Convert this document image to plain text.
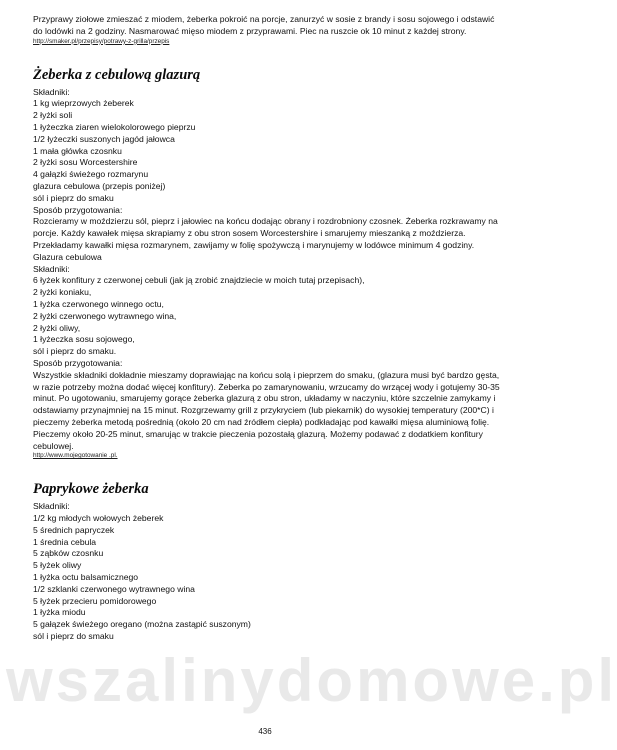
wszalinydomowe.pl

Przyprawy ziołowe zmieszać z miodem, żeberka pokroić na porcje, zanurzyć w sosie z brandy i sosu sojowego i odstawić do lodówki na 2 godziny. Nasmarować mięso miodem z przyprawami. Piec na ruszcie ok 10 minut z każdej strony.

http://smaker.pl/przepisy/potrawy-z-grilla/przepis

Żeberka z cebulową glazurą

Składniki:

1 kg wieprzowych żeberek
2 łyżki soli
1 łyżeczka ziaren wielokolorowego pieprzu
1/2 łyżeczki suszonych jagód jałowca
1 mała główka czosnku
2 łyżki sosu Worcestershire
4 gałązki świeżego rozmarynu
glazura cebulowa (przepis poniżej)
sól i pieprz do smaku

Sposób przygotowania:

Rozcieramy w moździerzu sól, pieprz i jałowiec na końcu dodając obrany i rozdrobniony czosnek. Żeberka rozkrawamy na porcje. Każdy kawałek mięsa skrapiamy z obu stron sosem Worcestershire i smarujemy mieszanką z moździerza. Przekładamy kawałki mięsa rozmarynem, zawijamy w folię spożywczą i marynujemy w lodówce minimum 4 godziny.

Glazura cebulowa

Składniki:

6 łyżek konfitury z czerwonej cebuli (jak ją zrobić znajdziecie w moich tutaj przepisach),
2 łyżki koniaku,
1 łyżka czerwonego winnego octu,
2 łyżki czerwonego wytrawnego wina,
2 łyżki oliwy,
1 łyżeczka sosu sojowego,
sól i pieprz do smaku.

Sposób przygotowania:

Wszystkie składniki dokładnie mieszamy doprawiając na końcu solą i pieprzem do smaku, (glazura musi być bardzo gęsta, w razie potrzeby można dodać więcej konfitury). Żeberka po zamarynowaniu, wrzucamy do wrzącej wody i gotujemy 30-35 minut. Po ugotowaniu, smarujemy gorące żeberka glazurą z obu stron, układamy w naczyniu, które szczelnie zamykamy i odstawiamy przynajmniej na 15 minut. Rozgrzewamy grill z przykryciem (lub piekarnik) do wysokiej temperatury (200*C) i pieczemy żeberka metodą pośrednią (około 20 cm nad źródłem ciepła) podkładając pod kawałki mięsa aluminiową folię. Pieczemy około 20-25 minut, smarując w trakcie pieczenia pozostałą glazurą. Możemy podawać z dodatkiem konfitury cebulowej.

http://www.mojegotowanie .pl.

Paprykowe żeberka

Składniki:

1/2 kg młodych wołowych żeberek
5 średnich papryczek
1 średnia cebula
5 ząbków czosnku
5 łyżek oliwy
1 łyżka octu balsamicznego
1/2 szklanki czerwonego wytrawnego wina
5 łyżek przecieru pomidorowego
1 łyżka miodu
5 gałązek świeżego oregano (można zastąpić suszonym)
sól i pieprz do smaku
436
